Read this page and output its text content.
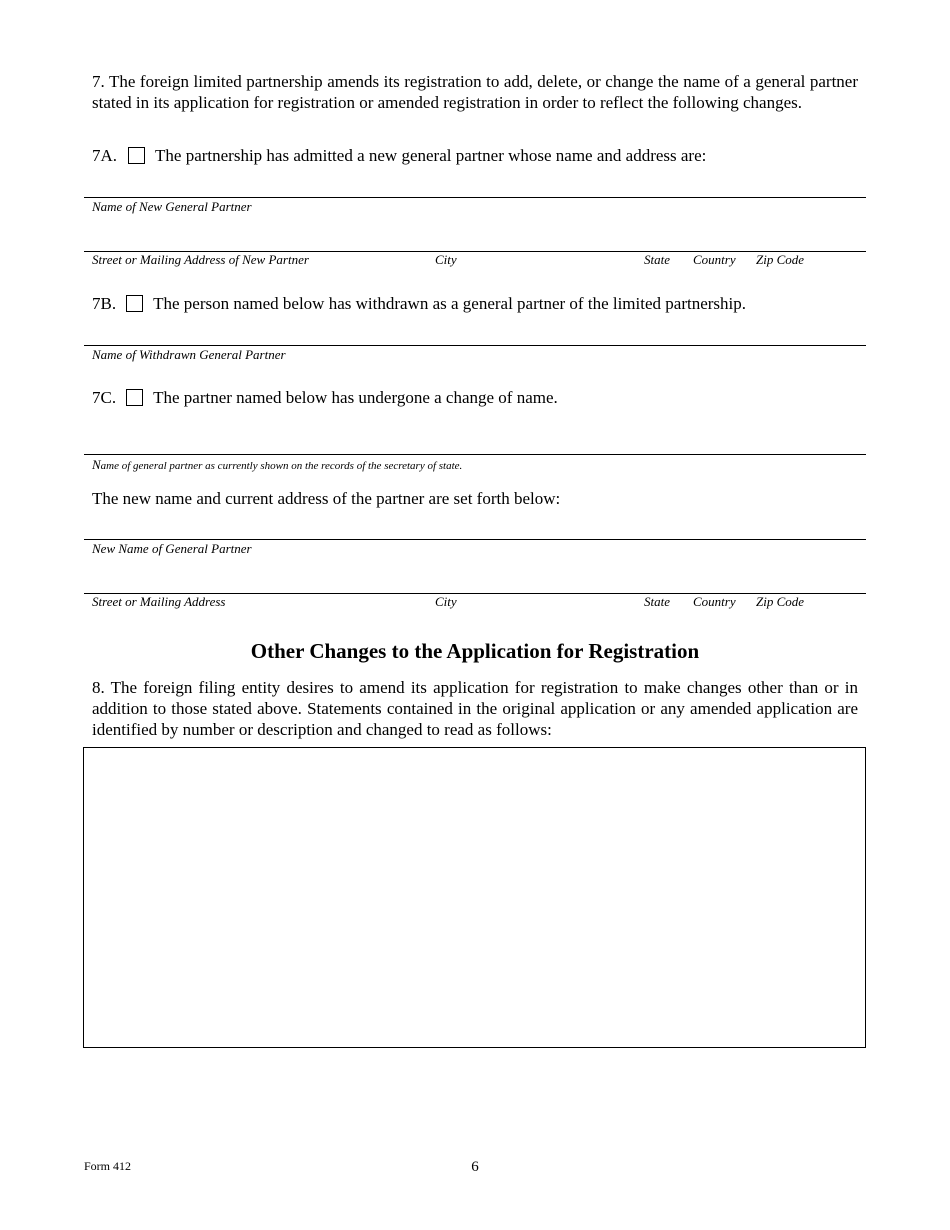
7. The foreign limited partnership amends its registration to add, delete, or change the name of a general partner stated in its application for registration or amended registration in order to reflect the following changes.
7A. The partnership has admitted a new general partner whose name and address are:
Name of New General Partner
Street or Mailing Address of New Partner	City	State Country Zip Code
7B. The person named below has withdrawn as a general partner of the limited partnership.
Name of Withdrawn General Partner
7C. The partner named below has undergone a change of name.
Name of general partner as currently shown on the records of the secretary of state.
The new name and current address of the partner are set forth below:
New Name of General Partner
Street or Mailing Address	City	State Country Zip Code
Other Changes to the Application for Registration
8. The foreign filing entity desires to amend its application for registration to make changes other than or in addition to those stated above. Statements contained in the original application or any amended application are identified by number or description and changed to read as follows:
Form 412	6
